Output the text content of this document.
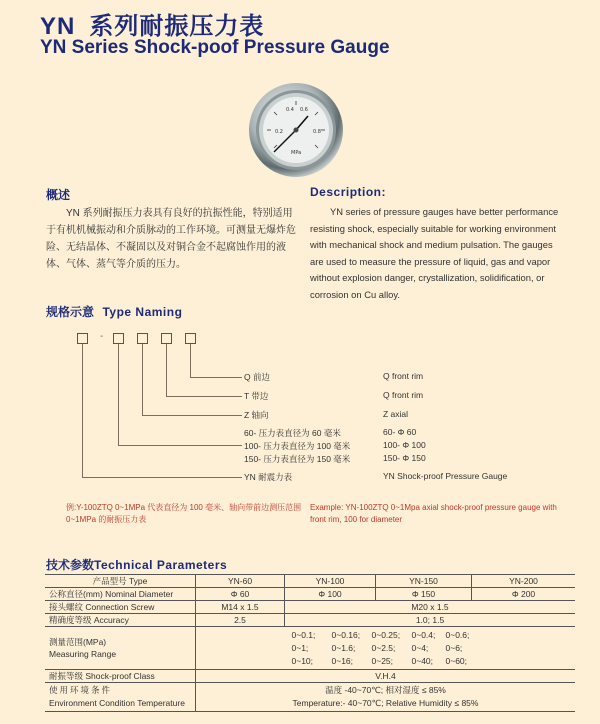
YN 系列耐振压力表
YN Series Shock-poof Pressure Gauge
0.2	0.8
0.4 0.6
MPa
概述
YN 系列耐振压力表具有良好的抗振性能，特别适用于有机机械振动和介质脉动的工作环境。可测量无爆炸危险、无结晶体、不凝固以及对铜合金不起腐蚀作用的液体、气体、蒸气等介质的压力。
Description:
YN series of pressure gauges have better performance resisting shock, especially suitable for working environment with mechanical shock and medium pulsation. The gauges are used to measure the pressure of liquid, gas and vapor without explosion danger, crystallization, solidification, or corrosion on Cu alloy.
规格示意 Type Naming
-
Q 前边
T 带边
Z 轴向
60- 压力表直径为 60 毫米
100- 压力表直径为 100 毫米
150- 压力表直径为 150 毫米
YN 耐震力表
Q front rim
Q front rim
Z axial
60- Φ 60
100- Φ 100
150- Φ 150
YN Shock-proof Pressure Gauge
例:Y-100ZTQ 0~1MPa 代表直径为 100 毫米、轴向带前边测压范围 0~1MPa 的耐振压力表
Example: YN-100ZTQ 0~1Mpa axial shock-proof pressure gauge with front rim, 100 for diameter
技术参数Technical Parameters
产品型号 Type	YN-60	YN-100	YN-150	YN-200
公称直径(mm) Nominal Diameter	Φ 60	Φ 100	Φ 150	Φ 200
接头螺纹 Connection Screw	M14 x 1.5	M20 x 1.5		
精确度等级 Accuracy	2.5	1.0; 1.5		

测量范围(MPa)
Measuring Range

0~0.1;	0~0.16;	0~0.25;	0~0.4;	0~0.6;
0~1;	0~1.6;	0~2.5;	0~4;	0~6;
0~10;	0~16;	0~25;	0~40;	0~60;

耐振等级 Shock-proof Class	V.H.4			

使用环境条件
Environment Condition Temperature

温度 -40~70℃; 相对湿度 ≤ 85%
Temperature:- 40~70℃; Relative Humidity ≤ 85%
